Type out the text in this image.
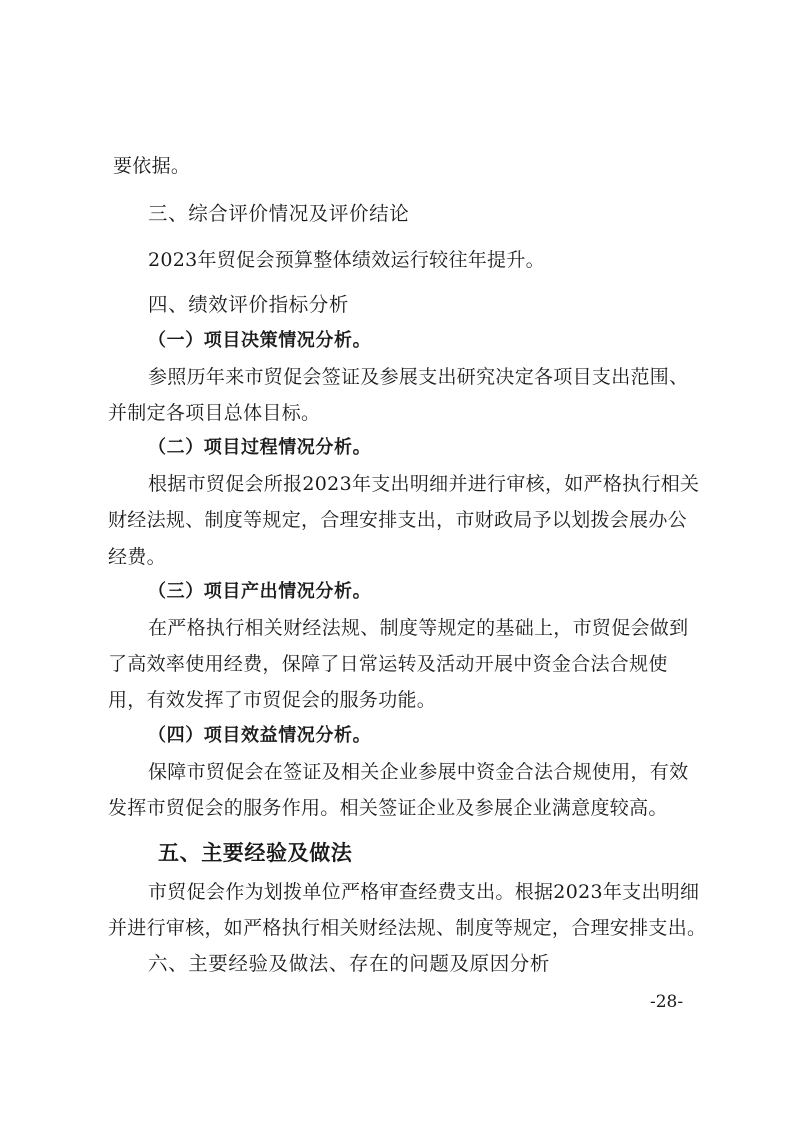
要依据。
三、综合评价情况及评价结论
2023年贸促会预算整体绩效运行较往年提升。
四、绩效评价指标分析
（一）项目决策情况分析。
参照历年来市贸促会签证及参展支出研究决定各项目支出范围、
并制定各项目总体目标。
（二）项目过程情况分析。
根据市贸促会所报2023年支出明细并进行审核，如严格执行相关
财经法规、制度等规定，合理安排支出，市财政局予以划拨会展办公
经费。
（三）项目产出情况分析。
在严格执行相关财经法规、制度等规定的基础上，市贸促会做到
了高效率使用经费，保障了日常运转及活动开展中资金合法合规使
用，有效发挥了市贸促会的服务功能。
（四）项目效益情况分析。
保障市贸促会在签证及相关企业参展中资金合法合规使用，有效
发挥市贸促会的服务作用。相关签证企业及参展企业满意度较高。
五、主要经验及做法
市贸促会作为划拨单位严格审查经费支出。根据2023年支出明细
并进行审核，如严格执行相关财经法规、制度等规定，合理安排支出。
六、主要经验及做法、存在的问题及原因分析
-28-
